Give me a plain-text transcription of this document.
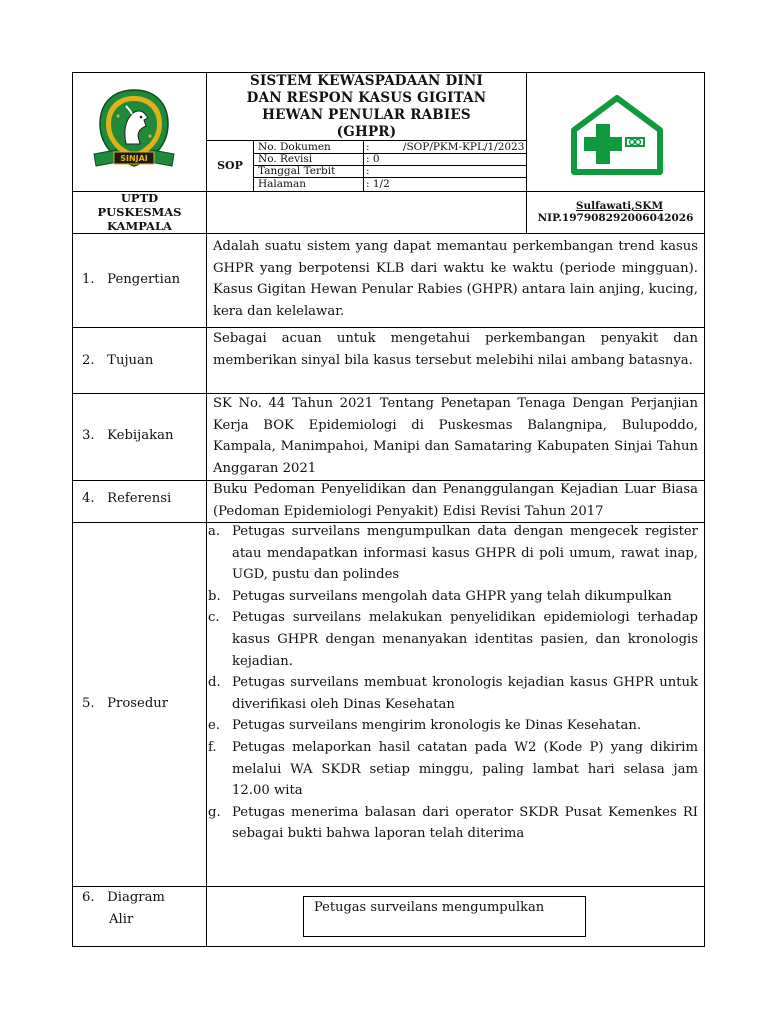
SINJAI
SISTEM KEWASPADAAN DINI
DAN RESPON KASUS GIGITAN
HEWAN PENULAR RABIES
(GHPR)
SOP
No. Dokumen	:          /SOP/PKM-KPL/1/2023
No. Revisi	: 0
Tanggal Terbit	:
Halaman	: 1/2
UPTD
PUSKESMAS
KAMPALA
Sulfawati,SKM
NIP.197908292006042026
1. Pengertian
Adalah suatu sistem yang dapat memantau perkembangan trend kasus GHPR yang berpotensi KLB dari waktu ke waktu (periode mingguan). Kasus Gigitan Hewan Penular Rabies (GHPR) antara lain anjing, kucing, kera dan kelelawar.
2. Tujuan
Sebagai acuan untuk mengetahui perkembangan penyakit dan memberikan sinyal bila kasus tersebut melebihi nilai ambang batasnya.
3. Kebijakan
SK No. 44 Tahun 2021 Tentang Penetapan Tenaga Dengan Perjanjian Kerja BOK Epidemiologi di Puskesmas Balangnipa, Bulupoddo, Kampala, Manimpahoi, Manipi dan Samataring Kabupaten Sinjai Tahun Anggaran 2021
4. Referensi
Buku Pedoman Penyelidikan dan Penanggulangan Kejadian Luar Biasa (Pedoman Epidemiologi Penyakit) Edisi Revisi Tahun 2017
5. Prosedur
a. Petugas surveilans mengumpulkan data dengan mengecek register atau mendapatkan informasi kasus GHPR di poli umum, rawat inap, UGD, pustu dan polindes
b. Petugas surveilans mengolah data GHPR yang telah dikumpulkan
c. Petugas surveilans melakukan penyelidikan epidemiologi terhadap kasus GHPR dengan menanyakan identitas pasien, dan kronologis kejadian.
d. Petugas surveilans membuat kronologis kejadian kasus GHPR untuk diverifikasi oleh Dinas Kesehatan
e. Petugas surveilans mengirim kronologis ke Dinas Kesehatan.
f. Petugas melaporkan hasil catatan pada W2 (Kode P) yang dikirim melalui WA SKDR setiap minggu, paling lambat hari selasa jam 12.00 wita
g. Petugas menerima balasan dari operator SKDR Pusat Kemenkes RI sebagai bukti bahwa laporan telah diterima
6. Diagram
Alir
Petugas surveilans mengumpulkan
